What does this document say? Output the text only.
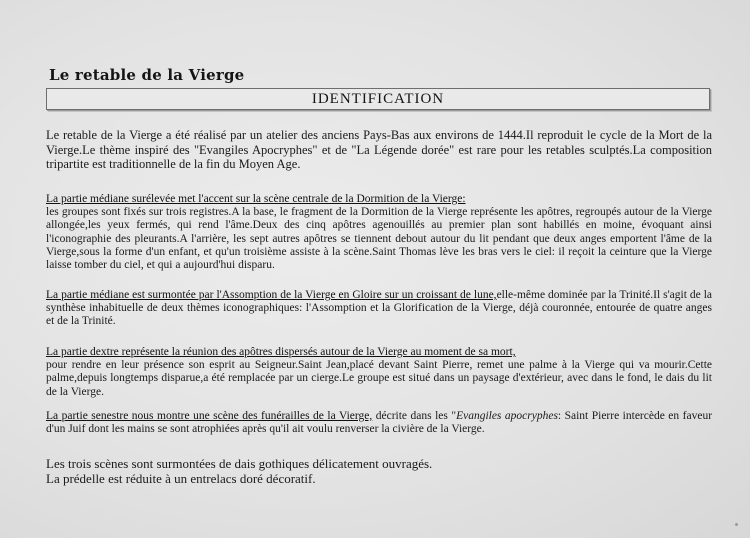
Le retable de la Vierge
IDENTIFICATION
Le retable de la Vierge a été réalisé par un atelier des anciens Pays-Bas aux environs de 1444.Il reproduit le cycle de la Mort de la Vierge.Le thème inspiré des "Evangiles Apocryphes" et de "La Légende dorée" est rare pour les retables sculptés.La composition tripartite est traditionnelle de la fin du Moyen Age.
La partie médiane surélevée met l'accent sur la scène centrale de la Dormition de la Vierge:
les groupes sont fixés sur trois registres.A la base, le fragment de la Dormition de la Vierge représente les apôtres, regroupés autour de la Vierge allongée,les yeux fermés, qui rend l'âme.Deux des cinq apôtres agenouillés au premier plan sont habillés en moine, évoquant ainsi l'iconographie des pleurants.A l'arrière, les sept autres apôtres se tiennent debout autour du lit pendant que deux anges emportent l'âme de la Vierge,sous la forme d'un enfant, et qu'un troisième assiste à la scène.Saint Thomas lève les bras vers le ciel: il reçoit la ceinture que la Vierge laisse tomber du ciel, et qui a aujourd'hui disparu.
La partie médiane est surmontée par l'Assomption de la Vierge en Gloire sur un croissant de lune,elle-même dominée par la Trinité.Il s'agit de la synthèse inhabituelle de deux thèmes iconographiques: l'Assomption et la Glorification de la Vierge, déjà couronnée, entourée de quatre anges et de la Trinité.
La partie dextre représente la réunion des apôtres dispersés autour de la Vierge au moment de sa mort,
pour rendre en leur présence son esprit au Seigneur.Saint Jean,placé devant Saint Pierre, remet une palme à la Vierge qui va mourir.Cette palme,depuis longtemps disparue,a été remplacée par un cierge.Le groupe est situé dans un paysage d'extérieur, avec dans le fond, le dais du lit de la Vierge.
La partie senestre nous montre une scène des funérailles de la Vierge, décrite dans les "Evangiles apocryphes: Saint Pierre intercède en faveur d'un Juif dont les mains se sont atrophiées après qu'il ait voulu renverser la civière de la Vierge.
Les trois scènes sont surmontées de dais gothiques délicatement ouvragés.
La prédelle est réduite à un entrelacs doré décoratif.
